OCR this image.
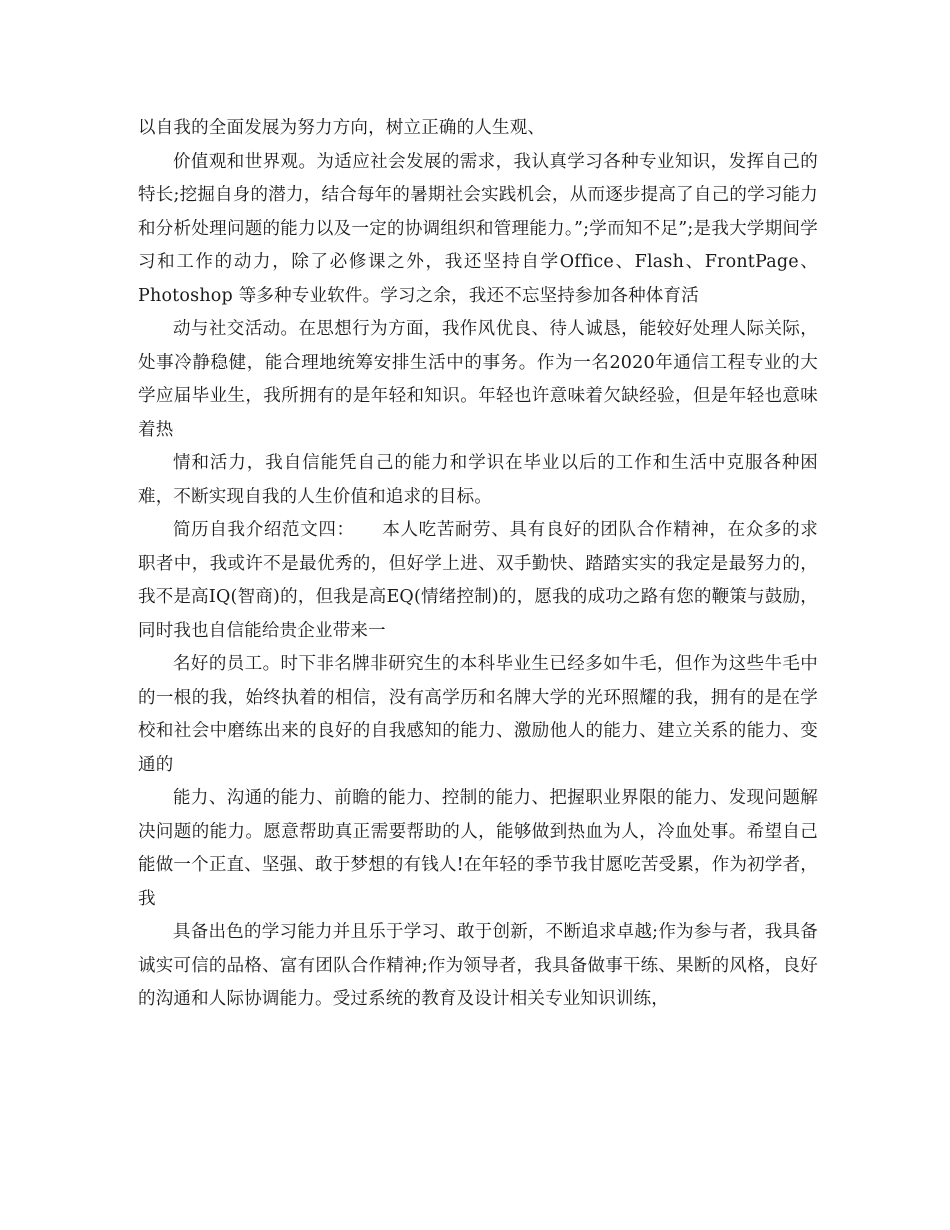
以自我的全面发展为努力方向，树立正确的人生观、

价值观和世界观。为适应社会发展的需求，我认真学习各种专业知识，发挥自己的特长;挖掘自身的潜力，结合每年的暑期社会实践机会，从而逐步提高了自己的学习能力和分析处理问题的能力以及一定的协调组织和管理能力。”;学而知不足”;是我大学期间学习和工作的动力，除了必修课之外，我还坚持自学Office、Flash、FrontPage、Photoshop 等多种专业软件。学习之余，我还不忘坚持参加各种体育活

动与社交活动。在思想行为方面，我作风优良、待人诚恳，能较好处理人际关际，处事冷静稳健，能合理地统筹安排生活中的事务。作为一名2020年通信工程专业的大学应届毕业生，我所拥有的是年轻和知识。年轻也许意味着欠缺经验，但是年轻也意味着热

情和活力，我自信能凭自己的能力和学识在毕业以后的工作和生活中克服各种困难，不断实现自我的人生价值和追求的目标。

简历自我介绍范文四：　　本人吃苦耐劳、具有良好的团队合作精神，在众多的求职者中，我或许不是最优秀的，但好学上进、双手勤快、踏踏实实的我定是最努力的，我不是高IQ(智商)的，但我是高EQ(情绪控制)的，愿我的成功之路有您的鞭策与鼓励，同时我也自信能给贵企业带来一

名好的员工。时下非名牌非研究生的本科毕业生已经多如牛毛，但作为这些牛毛中的一根的我，始终执着的相信，没有高学历和名牌大学的光环照耀的我，拥有的是在学校和社会中磨练出来的良好的自我感知的能力、激励他人的能力、建立关系的能力、变通的

能力、沟通的能力、前瞻的能力、控制的能力、把握职业界限的能力、发现问题解决问题的能力。愿意帮助真正需要帮助的人，能够做到热血为人，冷血处事。希望自己能做一个正直、坚强、敢于梦想的有钱人!在年轻的季节我甘愿吃苦受累，作为初学者，我

具备出色的学习能力并且乐于学习、敢于创新，不断追求卓越;作为参与者，我具备诚实可信的品格、富有团队合作精神;作为领导者，我具备做事干练、果断的风格，良好的沟通和人际协调能力。受过系统的教育及设计相关专业知识训练，
